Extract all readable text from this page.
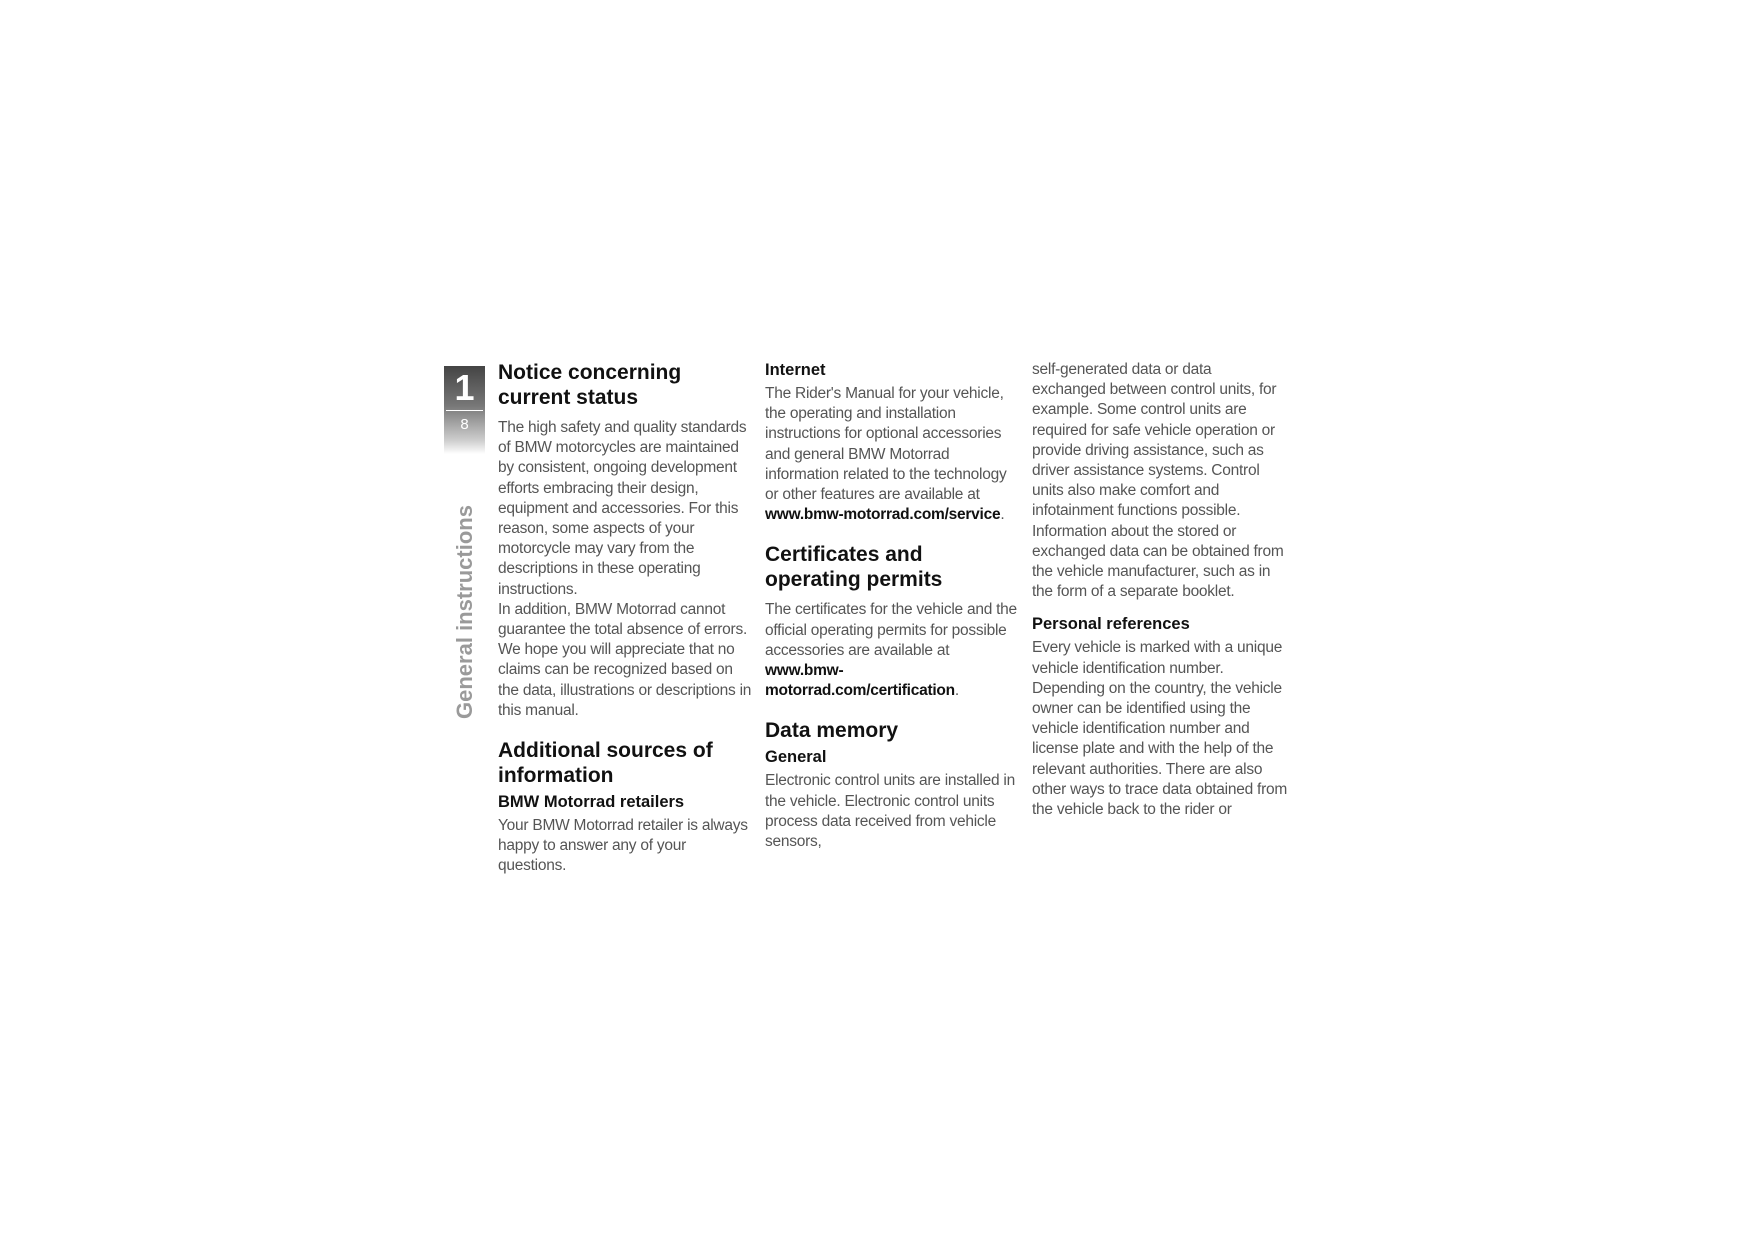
1
8
General instructions
Notice concerning current status

The high safety and quality standards of BMW motorcycles are maintained by consistent, ongoing development efforts embracing their design, equipment and accessories. For this reason, some aspects of your motorcycle may vary from the descriptions in these operating instructions.

In addition, BMW Motorrad cannot guarantee the total absence of errors. We hope you will appreciate that no claims can be recognized based on the data, illustrations or descriptions in this manual.

Additional sources of information
BMW Motorrad retailers

Your BMW Motorrad retailer is always happy to answer any of your questions.

Internet

The Rider's Manual for your vehicle, the operating and installation instructions for optional accessories and general BMW Motorrad information related to the technology or other features are available at www.bmw-motorrad.com/service.

Certificates and operating permits

The certificates for the vehicle and the official operating permits for possible accessories are available at www.bmw-motorrad.com/certification.

Data memory
General

Electronic control units are installed in the vehicle. Electronic control units process data received from vehicle sensors,

self-generated data or data exchanged between control units, for example. Some control units are required for safe vehicle operation or provide driving assistance, such as driver assistance systems. Control units also make comfort and infotainment functions possible.

Information about the stored or exchanged data can be obtained from the vehicle manufacturer, such as in the form of a separate booklet.

Personal references

Every vehicle is marked with a unique vehicle identification number. Depending on the country, the vehicle owner can be identified using the vehicle identification number and license plate and with the help of the relevant authorities. There are also other ways to trace data obtained from the vehicle back to the rider or
